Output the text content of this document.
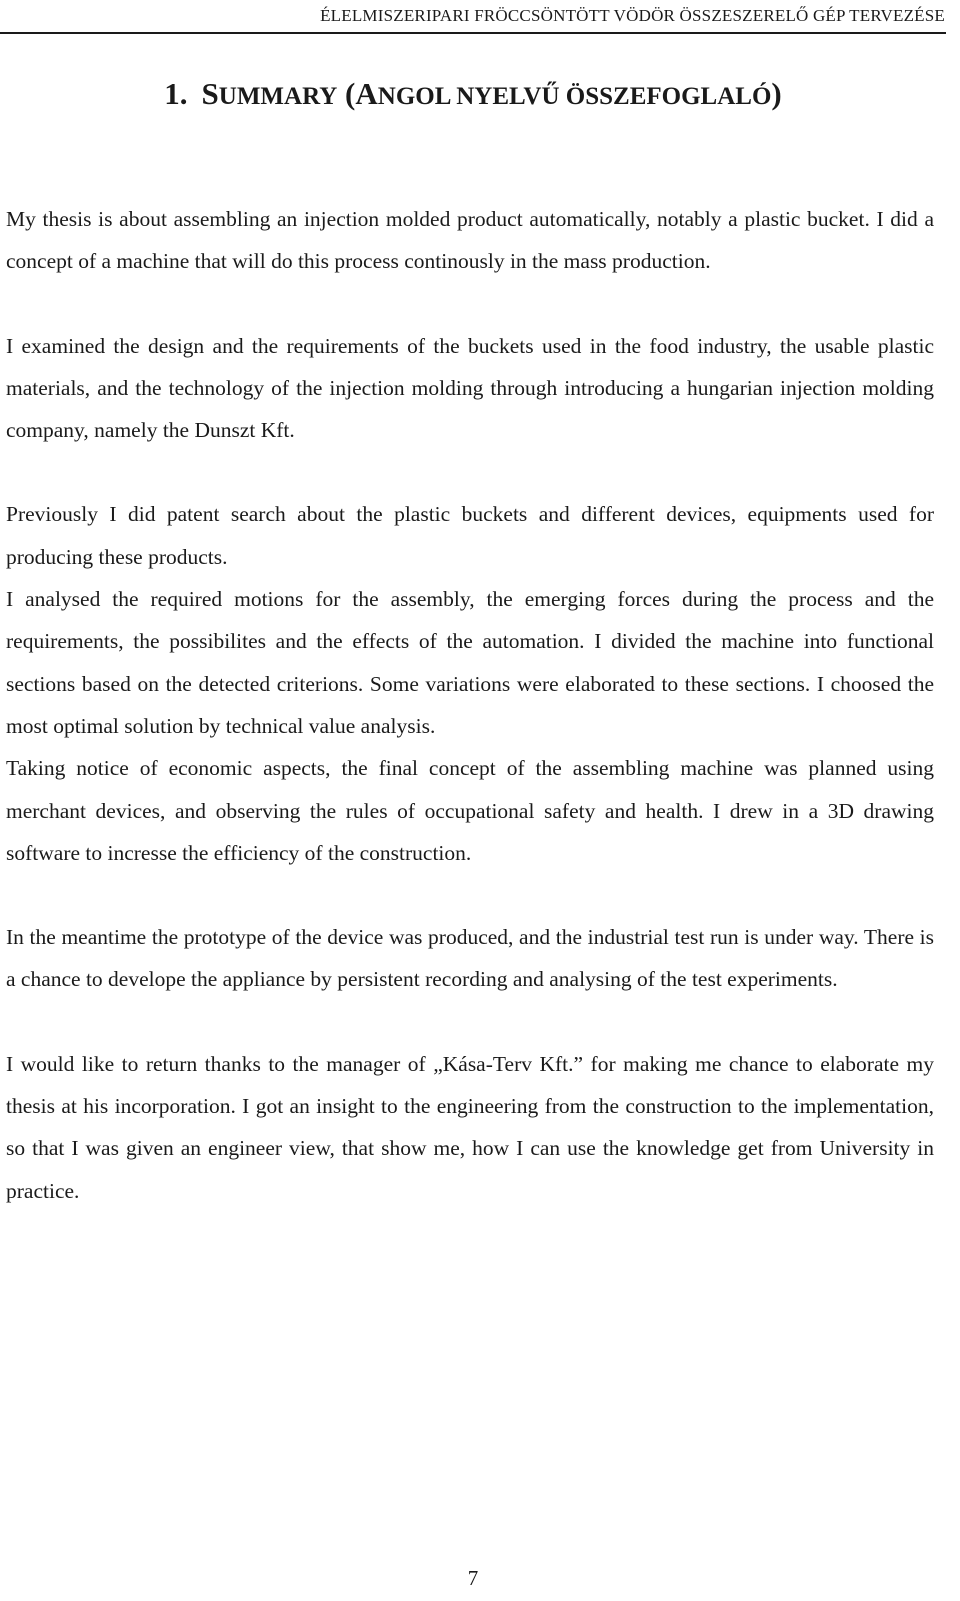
ÉLELMISZERIPARI FRÖCCSÖNTÖTT VÖDÖR ÖSSZESZERELŐ GÉP TERVEZÉSE
1. SUMMARY (ANGOL NYELVŰ ÖSSZEFOGLALÓ)

My thesis is about assembling an injection molded product automatically, notably a plastic bucket. I did a concept of a machine that will do this process continously in the mass production.

I examined the design and the requirements of the buckets used in the food industry, the usable plastic materials, and the technology of the injection molding through introducing a hungarian injection molding company, namely the Dunszt Kft.

Previously I did patent search about the plastic buckets and different devices, equipments used for producing these products.

I analysed the required motions for the assembly, the emerging forces during the process and the requirements, the possibilites and the effects of the automation. I divided the machine into functional sections based on the detected criterions. Some variations were elaborated to these sections. I choosed the most optimal solution by technical value analysis.

Taking notice of economic aspects, the final concept of the assembling machine was planned using merchant devices, and observing the rules of occupational safety and health. I drew in a 3D drawing software to incresse the efficiency of the construction.

In the meantime the prototype of the device was produced, and the industrial test run is under way. There is a chance to develope the appliance by persistent recording and analysing of the test experiments.

I would like to return thanks to the manager of „Kása-Terv Kft.” for making me chance to elaborate my thesis at his incorporation. I got an insight to the engineering from the construction to the implementation, so that I was given an engineer view, that show me, how I can use the knowledge get from University in practice.

7
